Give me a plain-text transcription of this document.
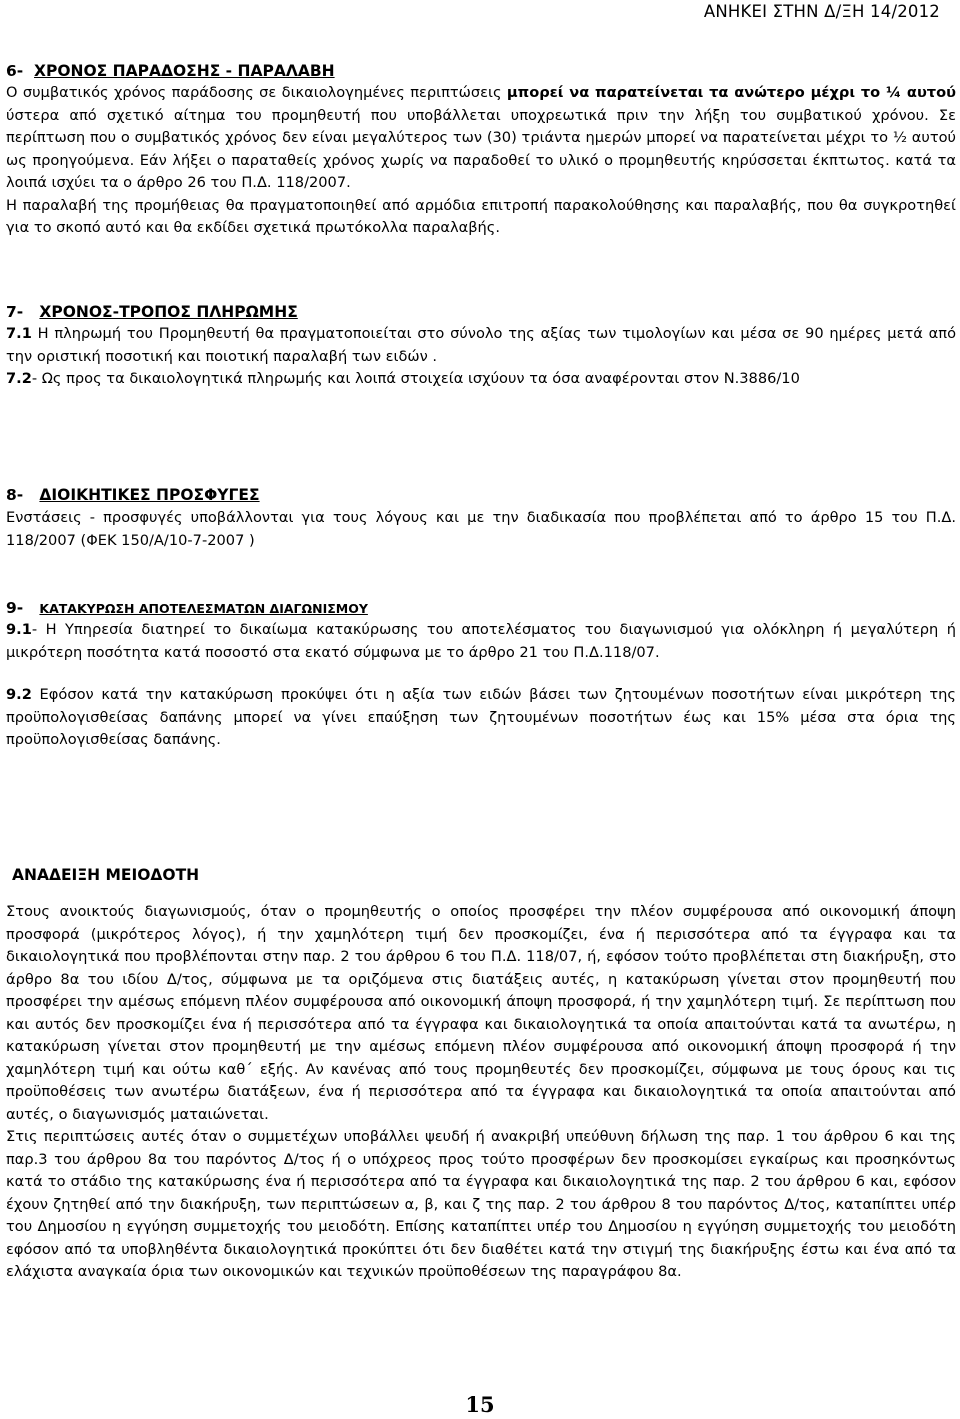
ΑΝΗΚΕΙ ΣΤΗΝ Δ/ΞΗ 14/2012
6- ΧΡΟΝΟΣ ΠΑΡΑΔΟΣΗΣ - ΠΑΡΑΛΑΒΗ

Ο συμβατικός χρόνος παράδοσης σε δικαιολογημένες περιπτώσεις μπορεί να παρατείνεται τα ανώτερο μέχρι το ¼ αυτού ύστερα από σχετικό αίτημα του προμηθευτή που υποβάλλεται υποχρεωτικά πριν την λήξη του συμβατικού χρόνου. Σε περίπτωση που ο συμβατικός χρόνος δεν είναι μεγαλύτερος των (30) τριάντα ημερών μπορεί να παρατείνεται μέχρι το ½ αυτού ως προηγούμενα. Εάν λήξει ο παραταθείς χρόνος χωρίς να παραδοθεί το υλικό ο προμηθευτής κηρύσσεται έκπτωτος. κατά τα λοιπά ισχύει τα ο άρθρο 26 του Π.Δ. 118/2007.

Η παραλαβή της προμήθειας θα πραγματοποιηθεί από αρμόδια επιτροπή παρακολούθησης και παραλαβής, που θα συγκροτηθεί για το σκοπό αυτό και θα εκδίδει σχετικά πρωτόκολλα παραλαβής.

7- ΧΡΟΝΟΣ-ΤΡΟΠΟΣ ΠΛΗΡΩΜΗΣ

7.1 Η πληρωμή του Προμηθευτή θα πραγματοποιείται στο σύνολο της αξίας των τιμολογίων και μέσα σε 90 ημέρες μετά από την οριστική ποσοτική και ποιοτική παραλαβή των ειδών .

7.2- Ως προς τα δικαιολογητικά πληρωμής και λοιπά στοιχεία ισχύουν τα όσα αναφέρονται στον Ν.3886/10

8- ΔΙΟΙΚΗΤΙΚΕΣ ΠΡΟΣΦΥΓΕΣ

Ενστάσεις - προσφυγές υποβάλλονται για τους λόγους και με την διαδικασία που προβλέπεται από το άρθρο 15 του Π.Δ. 118/2007 (ΦΕΚ 150/Α/10-7-2007 )

9- ΚΑΤΑΚΥΡΩΣΗ ΑΠΟΤΕΛΕΣΜΑΤΩΝ ΔΙΑΓΩΝΙΣΜΟΥ

9.1- Η Υπηρεσία διατηρεί το δικαίωμα κατακύρωσης του αποτελέσματος του διαγωνισμού για ολόκληρη ή μεγαλύτερη ή μικρότερη ποσότητα κατά ποσοστό στα εκατό σύμφωνα με το άρθρο 21 του Π.Δ.118/07.

9.2 Εφόσον κατά την κατακύρωση προκύψει ότι η αξία των ειδών βάσει των ζητουμένων ποσοτήτων είναι μικρότερη της προϋπολογισθείσας δαπάνης μπορεί να γίνει επαύξηση των ζητουμένων ποσοτήτων έως και 15% μέσα στα όρια της προϋπολογισθείσας δαπάνης.

ΑΝΑΔΕΙΞΗ ΜΕΙΟΔΟΤΗ

Στους ανοικτούς διαγωνισμούς, όταν ο προμηθευτής ο οποίος προσφέρει την πλέον συμφέρουσα από οικονομική άποψη προσφορά (μικρότερος λόγος), ή την χαμηλότερη τιμή δεν προσκομίζει, ένα ή περισσότερα από τα έγγραφα και τα δικαιολογητικά που προβλέπονται στην παρ. 2 του άρθρου 6 του Π.Δ. 118/07, ή, εφόσον τούτο προβλέπεται στη διακήρυξη, στο άρθρο 8α του ιδίου Δ/τος, σύμφωνα με τα οριζόμενα στις διατάξεις αυτές, η κατακύρωση γίνεται στον προμηθευτή που προσφέρει την αμέσως επόμενη πλέον συμφέρουσα από οικονομική άποψη προσφορά, ή την χαμηλότερη τιμή. Σε περίπτωση που και αυτός δεν προσκομίζει ένα ή περισσότερα από τα έγγραφα και δικαιολογητικά τα οποία απαιτούνται κατά τα ανωτέρω, η κατακύρωση γίνεται στον προμηθευτή με την αμέσως επόμενη πλέον συμφέρουσα από οικονομική άποψη προσφορά ή την χαμηλότερη τιμή και ούτω καθ΄ εξής. Αν κανένας από τους προμηθευτές δεν προσκομίζει, σύμφωνα με τους όρους και τις προϋποθέσεις των ανωτέρω διατάξεων, ένα ή περισσότερα από τα έγγραφα και δικαιολογητικά τα οποία απαιτούνται από αυτές, ο διαγωνισμός ματαιώνεται.

Στις περιπτώσεις αυτές όταν ο συμμετέχων υποβάλλει ψευδή ή ανακριβή υπεύθυνη δήλωση της παρ. 1 του άρθρου 6 και της παρ.3 του άρθρου 8α του παρόντος Δ/τος ή ο υπόχρεος προς τούτο προσφέρων δεν προσκομίσει εγκαίρως και προσηκόντως κατά το στάδιο της κατακύρωσης ένα ή περισσότερα από τα έγγραφα και δικαιολογητικά της παρ. 2 του άρθρου 6 και, εφόσον έχουν ζητηθεί από την διακήρυξη, των περιπτώσεων α, β, και ζ της παρ. 2 του άρθρου 8 του παρόντος Δ/τος, καταπίπτει υπέρ του Δημοσίου η εγγύηση συμμετοχής του μειοδότη. Επίσης καταπίπτει υπέρ του Δημοσίου η εγγύηση συμμετοχής του μειοδότη εφόσον από τα υποβληθέντα δικαιολογητικά προκύπτει ότι δεν διαθέτει κατά την στιγμή της διακήρυξης έστω και ένα από τα ελάχιστα αναγκαία όρια των οικονομικών και τεχνικών προϋποθέσεων της παραγράφου 8α.

15
